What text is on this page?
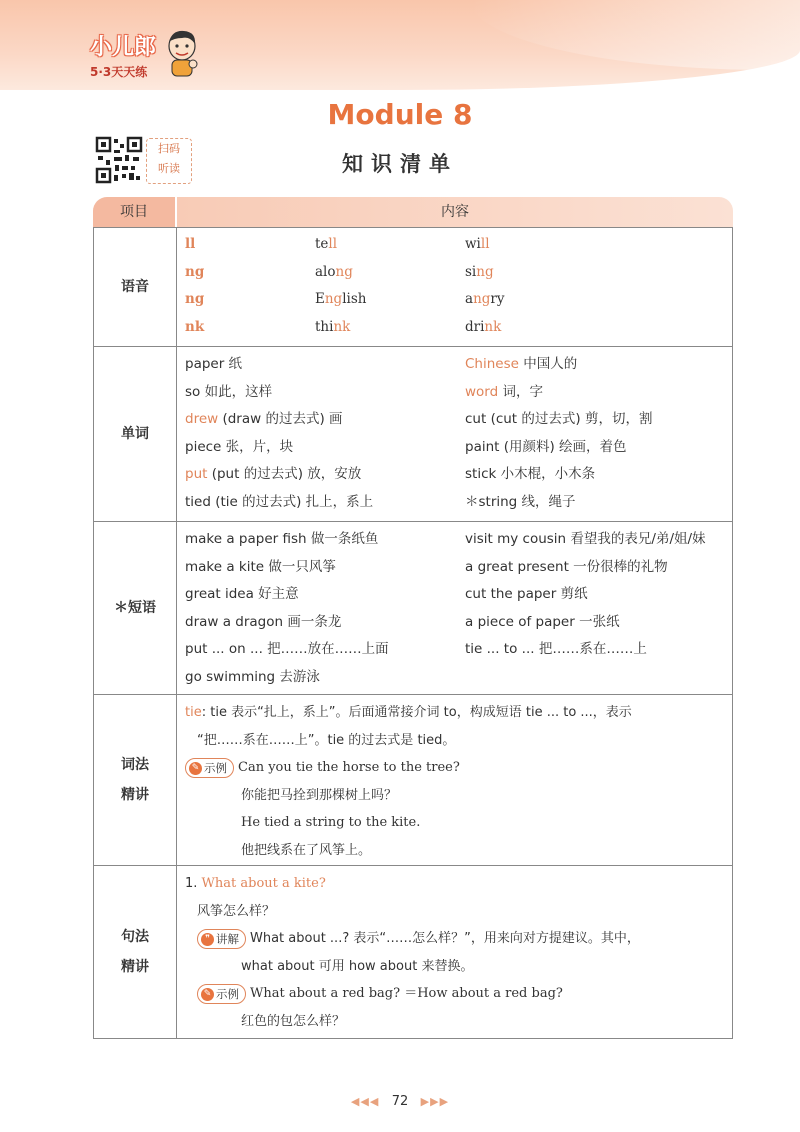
小儿郎
5·3天天练
Module 8
扫码
听读	知识清单
项目	内容
语音
ll	tell	will
ng	along	sing
ng	English	angry
nk	think	drink
单词
paper 纸	Chinese 中国人的
so 如此，这样	word 词，字
drew (draw 的过去式) 画	cut (cut 的过去式) 剪，切，割
piece 张，片，块	paint (用颜料) 绘画，着色
put (put 的过去式) 放，安放	stick 小木棍，小木条
tied (tie 的过去式) 扎上，系上	＊string 线，绳子
＊短语
make a paper fish 做一条纸鱼	visit my cousin 看望我的表兄/弟/姐/妹
make a kite 做一只风筝	a great present 一份很棒的礼物
great idea 好主意	cut the paper 剪纸
draw a dragon 画一条龙	a piece of paper 一张纸
put ... on ... 把……放在……上面	tie ... to ... 把……系在……上
go swimming 去游泳
词法
精讲
tie: tie 表示“扎上，系上”。后面通常接介词 to，构成短语 tie ... to ...，表示
“把……系在……上”。tie 的过去式是 tied。
✎ 示例 Can you tie the horse to the tree?
你能把马拴到那棵树上吗？
He tied a string to the kite.
他把线系在了风筝上。
句法
精讲
1. What about a kite?
风筝怎么样？
❞ 讲解 What about ...? 表示“……怎么样？”，用来向对方提建议。其中，
what about 可用 how about 来替换。
✎ 示例 What about a red bag? ＝How about a red bag?
红色的包怎么样？
◀◀◀ 72 ▶▶▶
